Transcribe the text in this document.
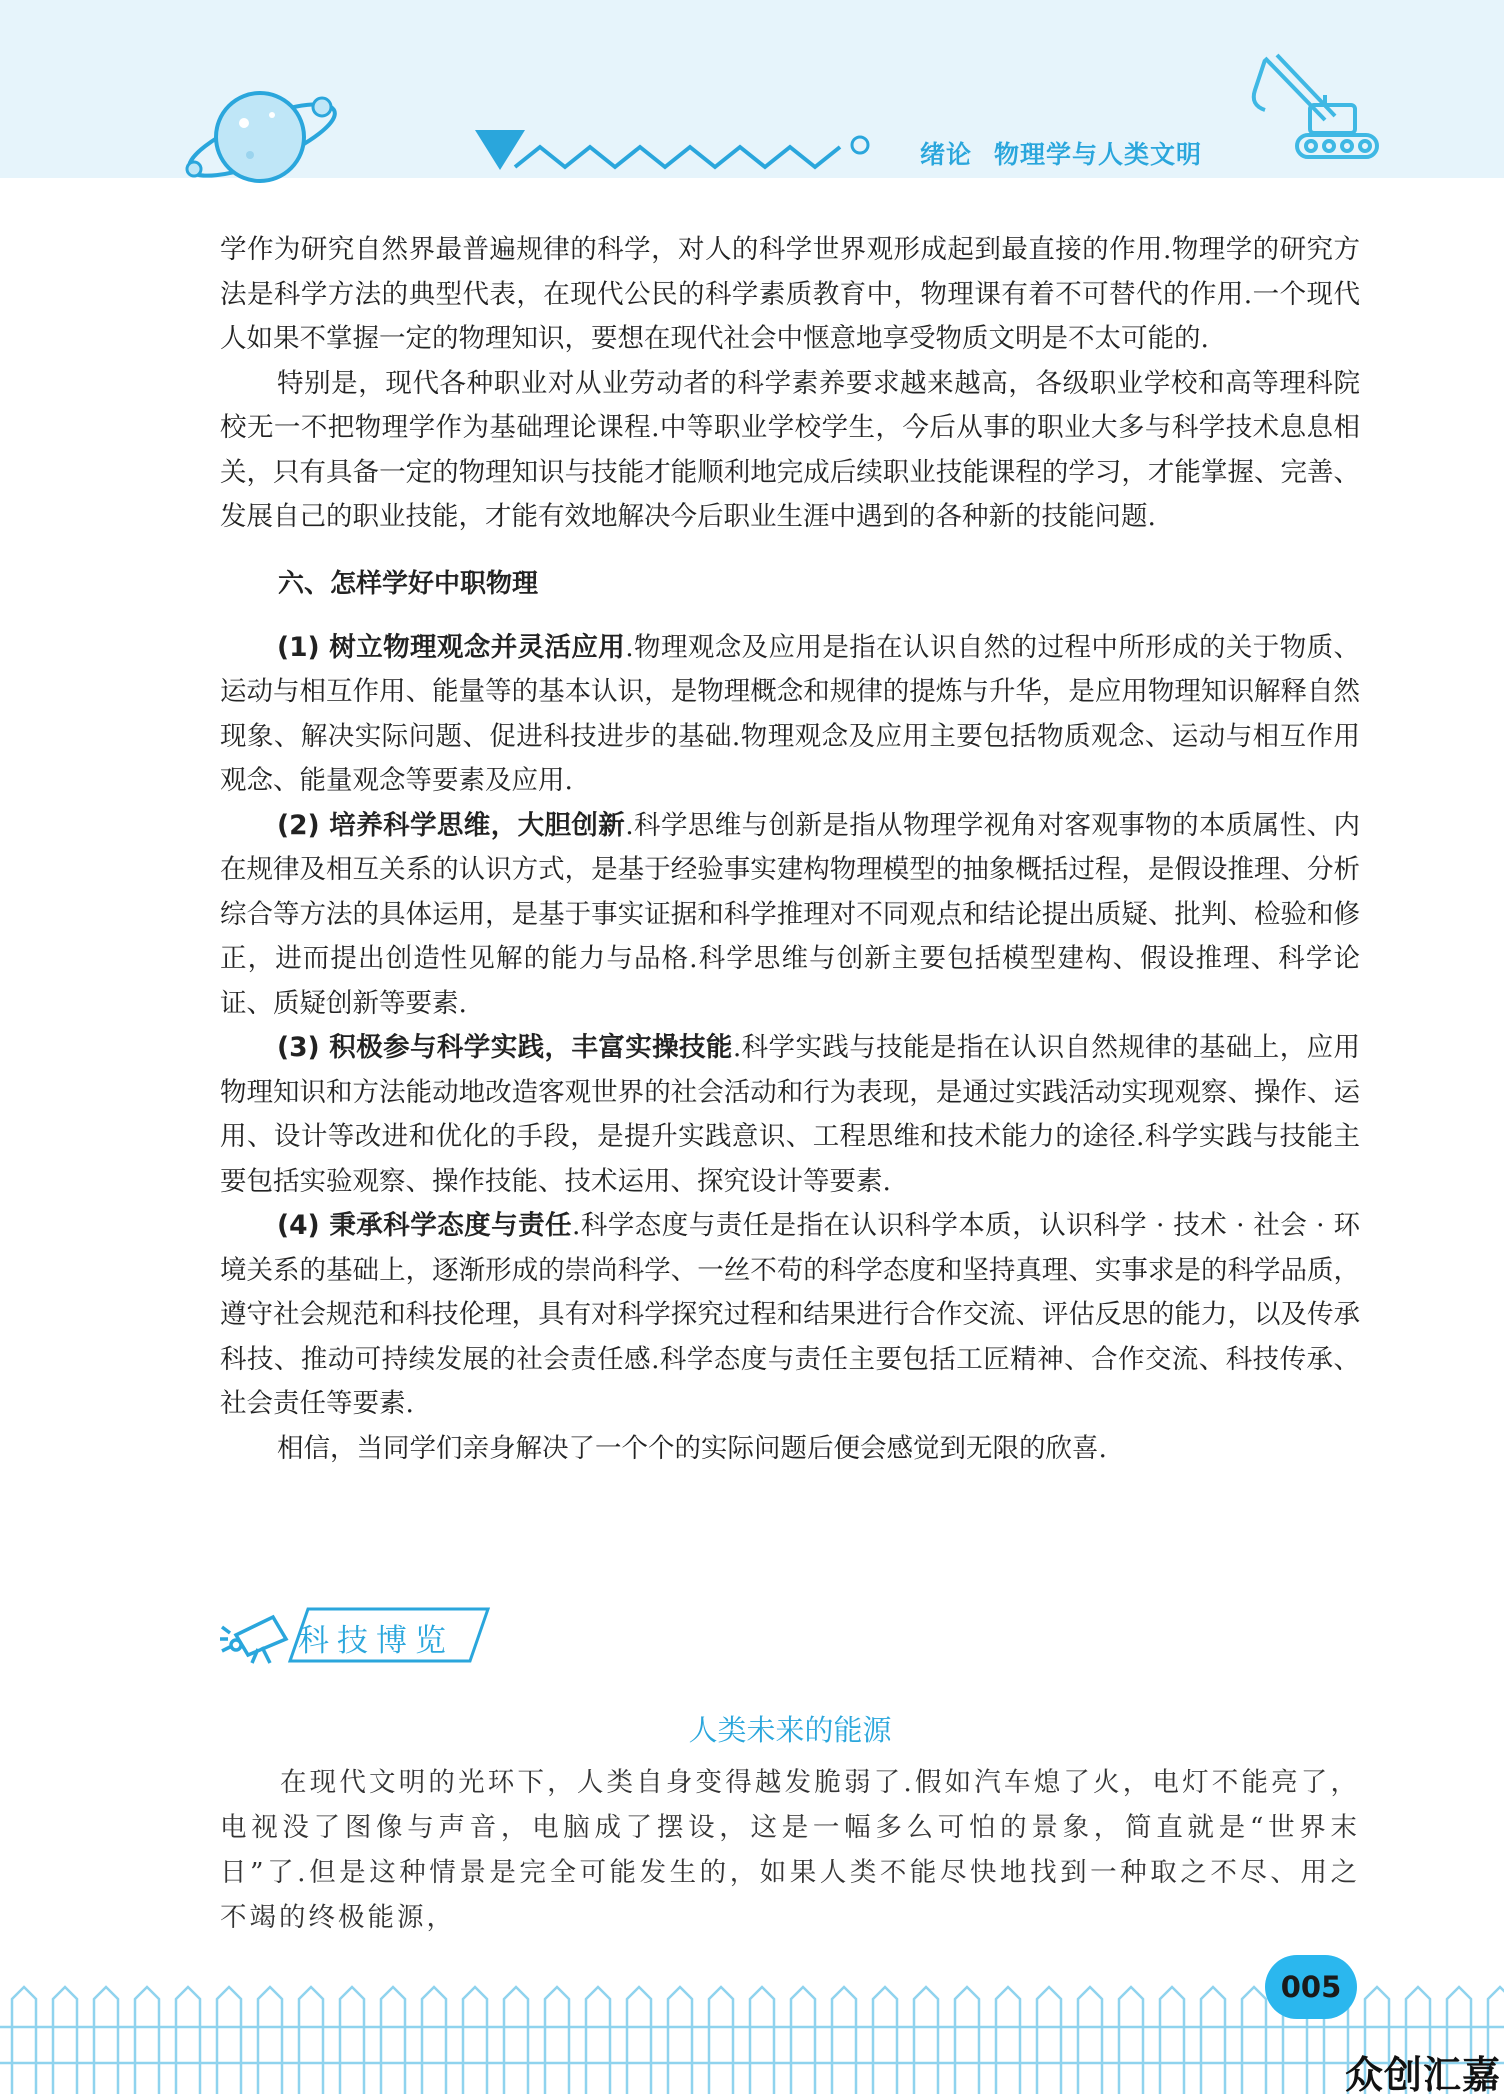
绪论 物理学与人类文明

学作为研究自然界最普遍规律的科学，对人的科学世界观形成起到最直接的作用.物理学的研究方法是科学方法的典型代表，在现代公民的科学素质教育中，物理课有着不可替代的作用.一个现代人如果不掌握一定的物理知识，要想在现代社会中惬意地享受物质文明是不太可能的.

特别是，现代各种职业对从业劳动者的科学素养要求越来越高，各级职业学校和高等理科院校无一不把物理学作为基础理论课程.中等职业学校学生，今后从事的职业大多与科学技术息息相关，只有具备一定的物理知识与技能才能顺利地完成后续职业技能课程的学习，才能掌握、完善、发展自己的职业技能，才能有效地解决今后职业生涯中遇到的各种新的技能问题.

六、怎样学好中职物理

(1) 树立物理观念并灵活应用.物理观念及应用是指在认识自然的过程中所形成的关于物质、运动与相互作用、能量等的基本认识，是物理概念和规律的提炼与升华，是应用物理知识解释自然现象、解决实际问题、促进科技进步的基础.物理观念及应用主要包括物质观念、运动与相互作用观念、能量观念等要素及应用.

(2) 培养科学思维，大胆创新.科学思维与创新是指从物理学视角对客观事物的本质属性、内在规律及相互关系的认识方式，是基于经验事实建构物理模型的抽象概括过程，是假设推理、分析综合等方法的具体运用，是基于事实证据和科学推理对不同观点和结论提出质疑、批判、检验和修正，进而提出创造性见解的能力与品格.科学思维与创新主要包括模型建构、假设推理、科学论证、质疑创新等要素.

(3) 积极参与科学实践，丰富实操技能.科学实践与技能是指在认识自然规律的基础上，应用物理知识和方法能动地改造客观世界的社会活动和行为表现，是通过实践活动实现观察、操作、运用、设计等改进和优化的手段，是提升实践意识、工程思维和技术能力的途径.科学实践与技能主要包括实验观察、操作技能、技术运用、探究设计等要素.

(4) 秉承科学态度与责任.科学态度与责任是指在认识科学本质，认识科学 · 技术 · 社会 · 环境关系的基础上，逐渐形成的崇尚科学、一丝不苟的科学态度和坚持真理、实事求是的科学品质，遵守社会规范和科技伦理，具有对科学探究过程和结果进行合作交流、评估反思的能力，以及传承科技、推动可持续发展的社会责任感.科学态度与责任主要包括工匠精神、合作交流、科技传承、社会责任等要素.

相信，当同学们亲身解决了一个个的实际问题后便会感觉到无限的欣喜.

科技博览
人类未来的能源

在现代文明的光环下，人类自身变得越发脆弱了.假如汽车熄了火，电灯不能亮了，电视没了图像与声音，电脑成了摆设，这是一幅多么可怕的景象，简直就是“世界末日”了.但是这种情景是完全可能发生的，如果人类不能尽快地找到一种取之不尽、用之不竭的终极能源，

005
众创汇嘉
